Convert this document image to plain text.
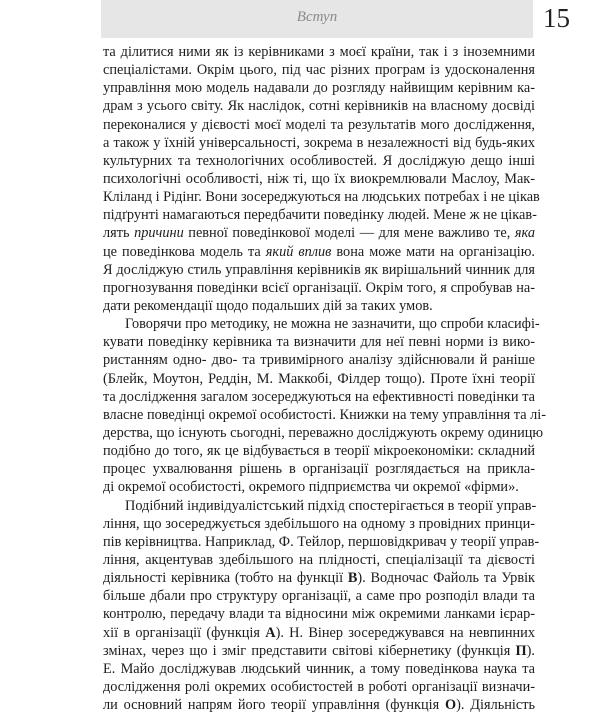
Вступ	15
та ділитися ними як із керівниками з моєї країни, так і з іноземними
спеціалістами. Окрім цього, під час різних програм із удосконалення
управління мою модель надавали до розгляду найвищим керівним ка-
драм з усього світу. Як наслідок, сотні керівників на власному досвіді
переконалися у дієвості моєї моделі та результатів мого дослідження,
а також у їхній універсальності, зокрема в незалежності від будь-яких
культурних та технологічних особливостей. Я досліджую дещо інші
психологічні особливості, ніж ті, що їх виокремлювали Маслоу, Мак-
Кліланд і Рідінг. Вони зосереджуються на людських потребах і не цікав
підґрунті намагаються передбачити поведінку людей. Мене ж не цікав-
лять причини певної поведінкової моделі — для мене важливо те, яка
це поведінкова модель та який вплив вона може мати на організацію.
Я досліджую стиль управління керівників як вирішальний чинник для
прогнозування поведінки всієї організації. Окрім того, я спробував на-
дати рекомендації щодо подальших дій за таких умов.
Говорячи про методику, не можна не зазначити, що спроби класифі-
кувати поведінку керівника та визначити для неї певні норми із вико-
ристанням одно- дво- та тривимірного аналізу здійснювали й раніше
(Блейк, Моутон, Реддін, М. Маккобі, Філдер тощо). Проте їхні теорії
та дослідження загалом зосереджуються на ефективності поведінки та
власне поведінці окремої особистості. Книжки на тему управління та лі-
дерства, що існують сьогодні, переважно досліджують окрему одиницю
подібно до того, як це відбувається в теорії мікроекономіки: складний
процес ухвалювання рішень в організації розглядається на прикла-
ді окремої особистості, окремого підприємства чи окремої «фірми».
Подібний індивідуалістський підхід спостерігається в теорії управ-
ління, що зосереджується здебільшого на одному з провідних принци-
пів керівництва. Наприклад, Ф. Тейлор, першовідкривач у теорії управ-
ління, акцентував здебільшого на плідності, спеціалізації та дієвості
діяльності керівника (тобто на функції В). Водночас Файоль та Урвік
більше дбали про структуру організації, а саме про розподіл влади та
контролю, передачу влади та відносини між окремими ланками ієрар-
хії в організації (функція А). Н. Вінер зосереджувався на невпинних
змінах, через що і зміг представити світові кібернетику (функція П).
Е. Майо досліджував людський чинник, а тому поведінкова наука та
дослідження ролі окремих особистостей в роботі організації визначи-
ли основний напрям його теорії управління (функція О). Діяльність
